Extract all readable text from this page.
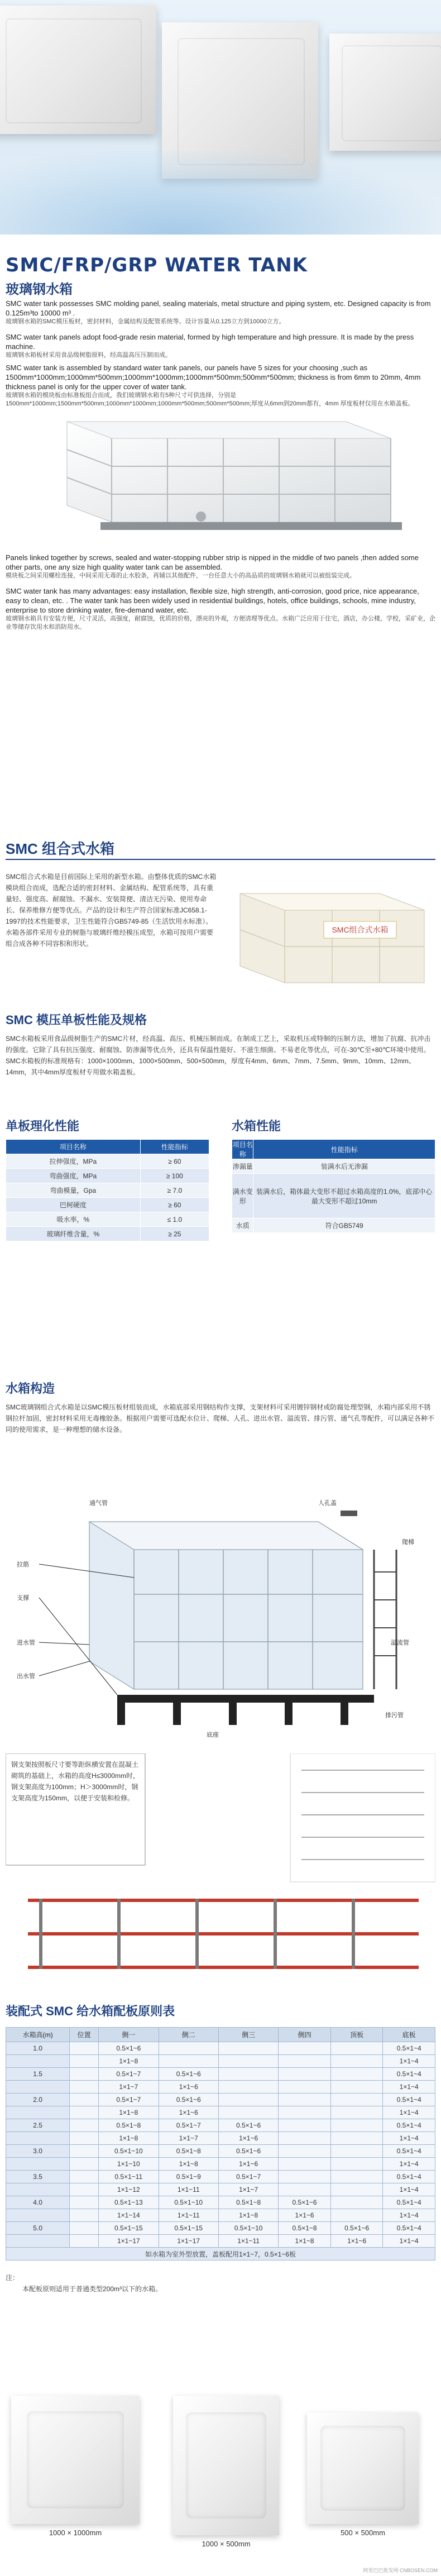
SMC/FRP/GRP WATER TANK
玻璃钢水箱
SMC water tank possesses SMC molding panel, sealing materials, metal structure and piping system, etc. Designed capacity is from 0.125m³to 10000 m³ .
玻璃钢水箱的SMC模压板材，密封材料，金属结构及配管系统等。设计容量从0.125立方到10000立方。
SMC water tank panels adopt food-grade resin material, formed by high temperature and high pressure. It is made by the press machine.
玻璃钢水箱板材采用食品级树脂原料，经高温高压压制而成。
SMC water tank is assembled by standard water tank panels, our panels have 5 sizes for your choosing ,such as 1500mm*1000mm;1000mm*500mm;1000mm*1000mm;1000mm*500mm;500mm*500mm; thickness is from 6mm to 20mm, 4mm thickness panel is only for the upper cover of water tank.
玻璃钢水箱的模块板由标准板组合而成，我们玻璃钢水箱有5种尺寸可供选择，分别是1500mm*1000mm;1500mm*500mm;1000mm*1000mm;1000mm*500mm;500mm*500mm;厚度从6mm到20mm都有，4mm 厚度板材仅用在水箱盖板。
Panels linked together by screws, sealed and water-stopping rubber strip is nipped in the middle of two panels ,then added some other parts, one any size high quality water tank can be assembled.
模块板之间采用螺栓连接，中间采用无毒的止水胶条，再辅以其他配件，一台任意大小的高品质的玻璃钢水箱就可以被组装完成。
SMC water tank has many advantages: easy installation, flexible size, high strength, anti-corrosion, good price, nice appearance, easy to clean, etc. . The water tank has been widely used in residential buildings, hotels, office buildings, schools, mine industry, enterprise to store drinking water, fire-demand water, etc.
玻璃钢水箱具有安装方便，尺寸灵活，高强度，耐腐蚀，优质的价格，漂亮的外观，方便清理等优点。水箱广泛应用于住宅，酒店，办公楼，学校，采矿业，企业等储存饮用水和消防用水。
SMC 组合式水箱
SMC组合式水箱是目前国际上采用的新型水箱。由整体优质的SMC水箱模块组合而成，选配合适的密封材料、金属结构、配管系统等，具有重量轻、强度高、耐腐蚀、不漏水、安装简便、清洁无污染、使用寿命长、保养维修方便等优点。产品的设计和生产符合国家标准JC658.1-1997的技术性能要求，卫生性能符合GB5749-85（生活饮用水标准）。水箱各部件采用专业的树脂与玻璃纤维经模压成型，水箱可按用户需要组合成各种不同容积和形状。
SMC组合式水箱
SMC 模压单板性能及规格
SMC水箱板采用食品级树脂生产的SMC片材，经高温、高压、机械压制而成。在制成工艺上，采取机压或特制的压制方法，增加了抗腐、抗冲击的强度。它除了具有抗压强度、耐腐蚀、防渗漏等优点外，还具有保温性能好、不滋生细菌、不易老化等优点，可在-30℃至+80℃环境中使用。SMC水箱板的标准规格有：1000×1000mm、1000×500mm、500×500mm，厚度有4mm、6mm、7mm、7.5mm、9mm、10mm、12mm、14mm，其中4mm厚度板材专用做水箱盖板。
单板理化性能
项目名称	性能指标
拉伸强度，MPa	≥ 60
弯曲强度，MPa	≥ 100
弯曲模量，Gpa	≥ 7.0
巴柯硬度	≥ 60
吸水率，%	≤ 1.0
玻璃纤维含量，%	≥ 25
水箱性能
项目名称	性能指标
渗漏量	装满水后无渗漏
满水变形	装满水后，箱体最大变形不超过水箱高度的1.0%，底部中心最大变形不超过10mm
水质	符合GB5749
水箱构造
SMC玻璃钢组合式水箱是以SMC模压板材组装而成，水箱底部采用钢结构作支撑，支架材料可采用镀锌钢材或防腐处理型钢，水箱内部采用不锈钢拉杆加固，密封材料采用无毒橡胶条。根据用户需要可选配水位计、爬梯、人孔、进出水管、溢流管、排污管、通气孔等配件，可以满足各种不同的使用需求，是一种理想的储水设备。
人孔盖
通气管
爬梯
拉筋
支撑
进水管
出水管
排污管
溢流管
底座
钢支架按照板尺寸要等距纵横安置在混凝土砌筑的基础上，水箱的高度H≤3000mm时，钢支架高度为100mm；H＞3000mm时，钢支架高度为150mm，以便于安装和检修。
装配式 SMC 给水箱配板原则表
水箱高(m)	位置	侧一	侧二	侧三	侧四	顶板	底板
1.0		0.5×1~6					0.5×1~4
		1×1~8					1×1~4
1.5		0.5×1~7	0.5×1~6				0.5×1~4
		1×1~7	1×1~6				1×1~4
2.0		0.5×1~7	0.5×1~6				0.5×1~4
		1×1~8	1×1~6				1×1~4
2.5		0.5×1~8	0.5×1~7	0.5×1~6			0.5×1~4
		1×1~8	1×1~7	1×1~6			1×1~4
3.0		0.5×1~10	0.5×1~8	0.5×1~6			0.5×1~4
		1×1~10	1×1~8	1×1~6			1×1~4
3.5		0.5×1~11	0.5×1~9	0.5×1~7			0.5×1~4
		1×1~12	1×1~11	1×1~7			1×1~4
4.0		0.5×1~13	0.5×1~10	0.5×1~8	0.5×1~6		0.5×1~4
		1×1~14	1×1~11	1×1~8	1×1~6		1×1~4
5.0		0.5×1~15	0.5×1~15	0.5×1~10	0.5×1~8	0.5×1~6	0.5×1~4
		1×1~17	1×1~17	1×1~11	1×1~8	1×1~6	1×1~4
如水箱为室外型放置，盖板配用1×1~7，0.5×1~6板							
注：
本配板原则适用于普通类型200m³以下的水箱。
1000 × 1000mm
1000 × 500mm
500 × 500mm
阿里巴巴批发网 CNBOSEN.COM
